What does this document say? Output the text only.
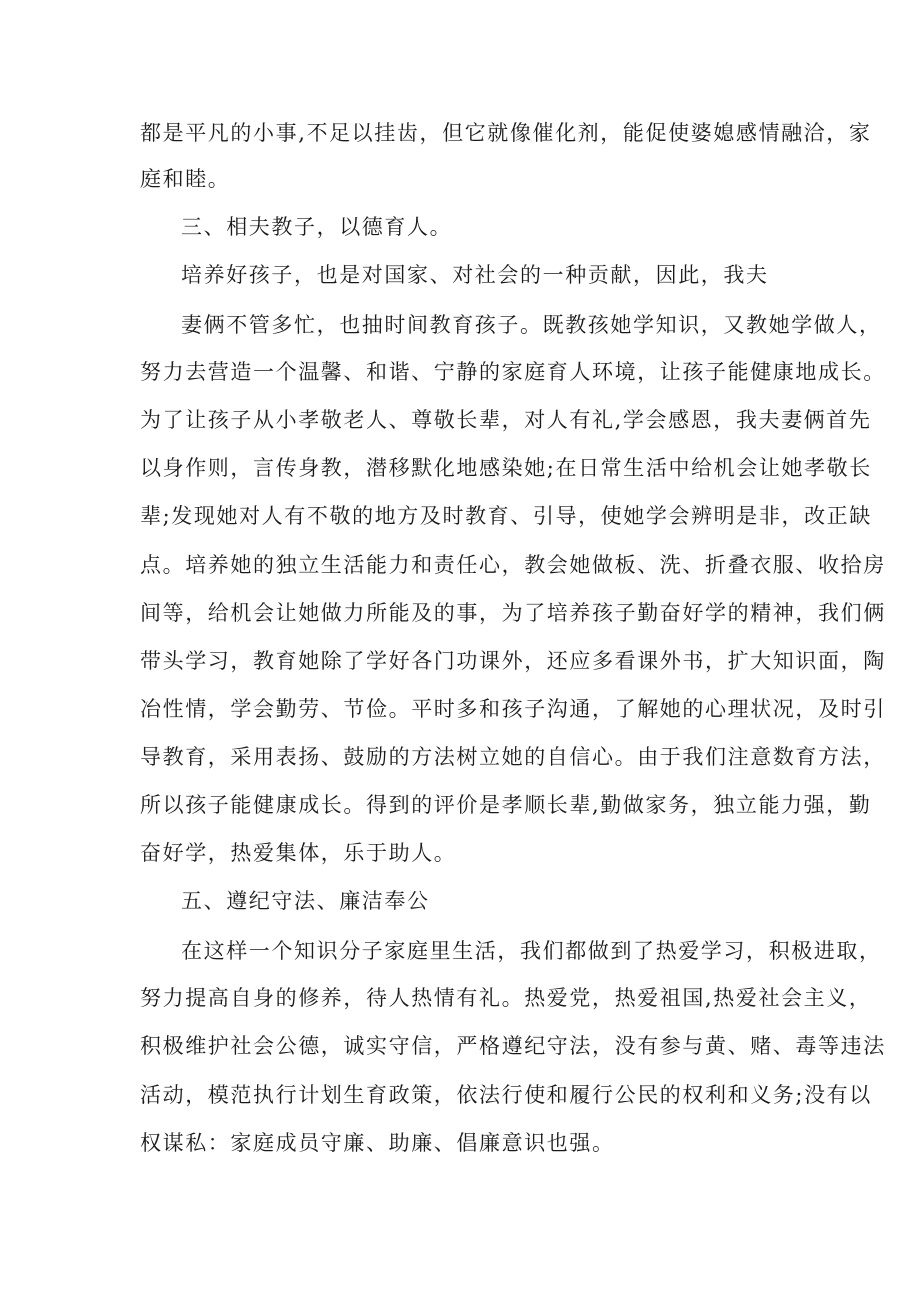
都是平凡的小事,不足以挂齿，但它就像催化剂，能促使婆媳感情融洽，家
庭和睦。
三、相夫教子，以德育人。
培养好孩子，也是对国家、对社会的一种贡献，因此，我夫
妻俩不管多忙，也抽时间教育孩子。既教孩她学知识，又教她学做人，
努力去营造一个温馨、和谐、宁静的家庭育人环境，让孩子能健康地成长。
为了让孩子从小孝敬老人、尊敬长辈，对人有礼,学会感恩，我夫妻俩首先
以身作则，言传身教，潜移默化地感染她;在日常生活中给机会让她孝敬长
辈;发现她对人有不敬的地方及时教育、引导，使她学会辨明是非，改正缺
点。培养她的独立生活能力和责任心，教会她做板、洗、折叠衣服、收拾房
间等，给机会让她做力所能及的事，为了培养孩子勤奋好学的精神，我们俩
带头学习，教育她除了学好各门功课外，还应多看课外书，扩大知识面，陶
冶性情，学会勤劳、节俭。平时多和孩子沟通，了解她的心理状况，及时引
导教育，采用表扬、鼓励的方法树立她的自信心。由于我们注意数育方法，
所以孩子能健康成长。得到的评价是孝顺长辈,勤做家务，独立能力强，勤
奋好学，热爱集体，乐于助人。
五、遵纪守法、廉洁奉公
在这样一个知识分子家庭里生活，我们都做到了热爱学习，积极进取，
努力提高自身的修养，待人热情有礼。热爱党，热爱祖国,热爱社会主义，
积极维护社会公德，诚实守信，严格遵纪守法，没有参与黄、赌、毒等违法
活动，模范执行计划生育政策，依法行使和履行公民的权利和义务;没有以
权谋私：家庭成员守廉、助廉、倡廉意识也强。
